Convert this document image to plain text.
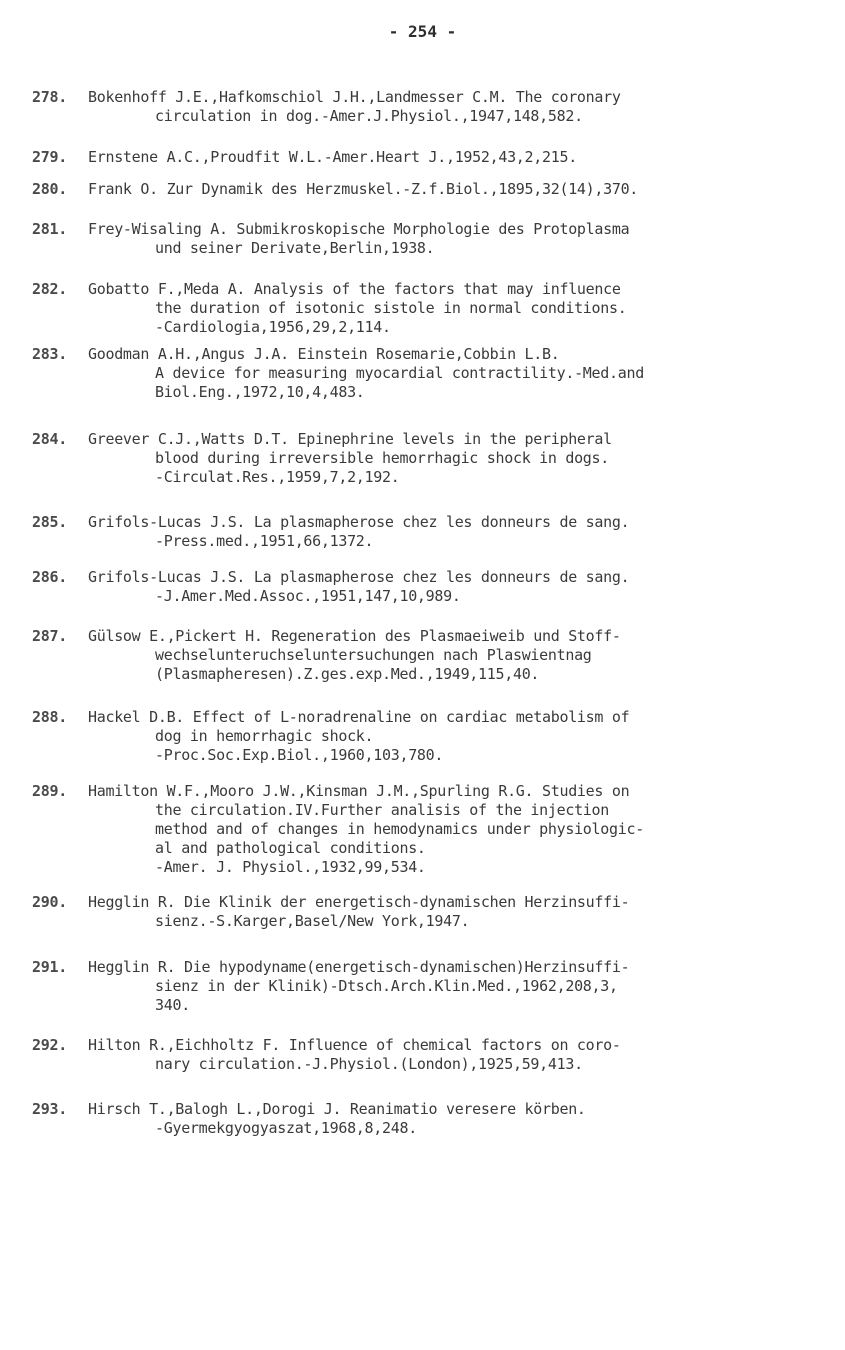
- 254 -
278.	Bokenhoff J.E.,Hafkomschiol J.H.,Landmesser C.M. The coronary
circulation in dog.-Amer.J.Physiol.,1947,148,582.
279.	Ernstene A.C.,Proudfit W.L.-Amer.Heart J.,1952,43,2,215.
280.	Frank O. Zur Dynamik des Herzmuskel.-Z.f.Biol.,1895,32(14),370.
281.	Frey-Wisaling A. Submikroskopische Morphologie des Protoplasma
und seiner Derivate,Berlin,1938.
282.	Gobatto F.,Meda A. Analysis of the factors that may influence
the duration of isotonic sistole in normal conditions.
-Cardiologia,1956,29,2,114.
283.	Goodman A.H.,Angus J.A. Einstein Rosemarie,Cobbin L.B.
A device for measuring myocardial contractility.-Med.and
Biol.Eng.,1972,10,4,483.
284.	Greever C.J.,Watts D.T. Epinephrine levels in the peripheral
blood during irreversible hemorrhagic shock in dogs.
-Circulat.Res.,1959,7,2,192.
285.	Grifols-Lucas J.S. La plasmapherose chez les donneurs de sang.
-Press.med.,1951,66,1372.
286.	Grifols-Lucas J.S. La plasmapherose chez les donneurs de sang.
-J.Amer.Med.Assoc.,1951,147,10,989.
287.	Gülsow E.,Pickert H. Regeneration des Plasmaeiweib und Stoff-
wechselunteruchseluntersuchungen nach Plaswientnag
(Plasmapheresen).Z.ges.exp.Med.,1949,115,40.
288.	Hackel D.B. Effect of L-noradrenaline on cardiac metabolism of
dog in hemorrhagic shock.
-Proc.Soc.Exp.Biol.,1960,103,780.
289.	Hamilton W.F.,Mooro J.W.,Kinsman J.M.,Spurling R.G. Studies on
the circulation.IV.Further analisis of the injection
method and of changes in hemodynamics under physiologic-
al and pathological conditions.
-Amer. J. Physiol.,1932,99,534.
290.	Hegglin R. Die Klinik der energetisch-dynamischen Herzinsuffi-
sienz.-S.Karger,Basel/New York,1947.
291.	Hegglin R. Die hypodyname(energetisch-dynamischen)Herzinsuffi-
sienz in der Klinik)-Dtsch.Arch.Klin.Med.,1962,208,3,
340.
292.	Hilton R.,Eichholtz F. Influence of chemical factors on coro-
nary circulation.-J.Physiol.(London),1925,59,413.
293.	Hirsch T.,Balogh L.,Dorogi J. Reanimatio veresere körben.
-Gyermekgyogyaszat,1968,8,248.
